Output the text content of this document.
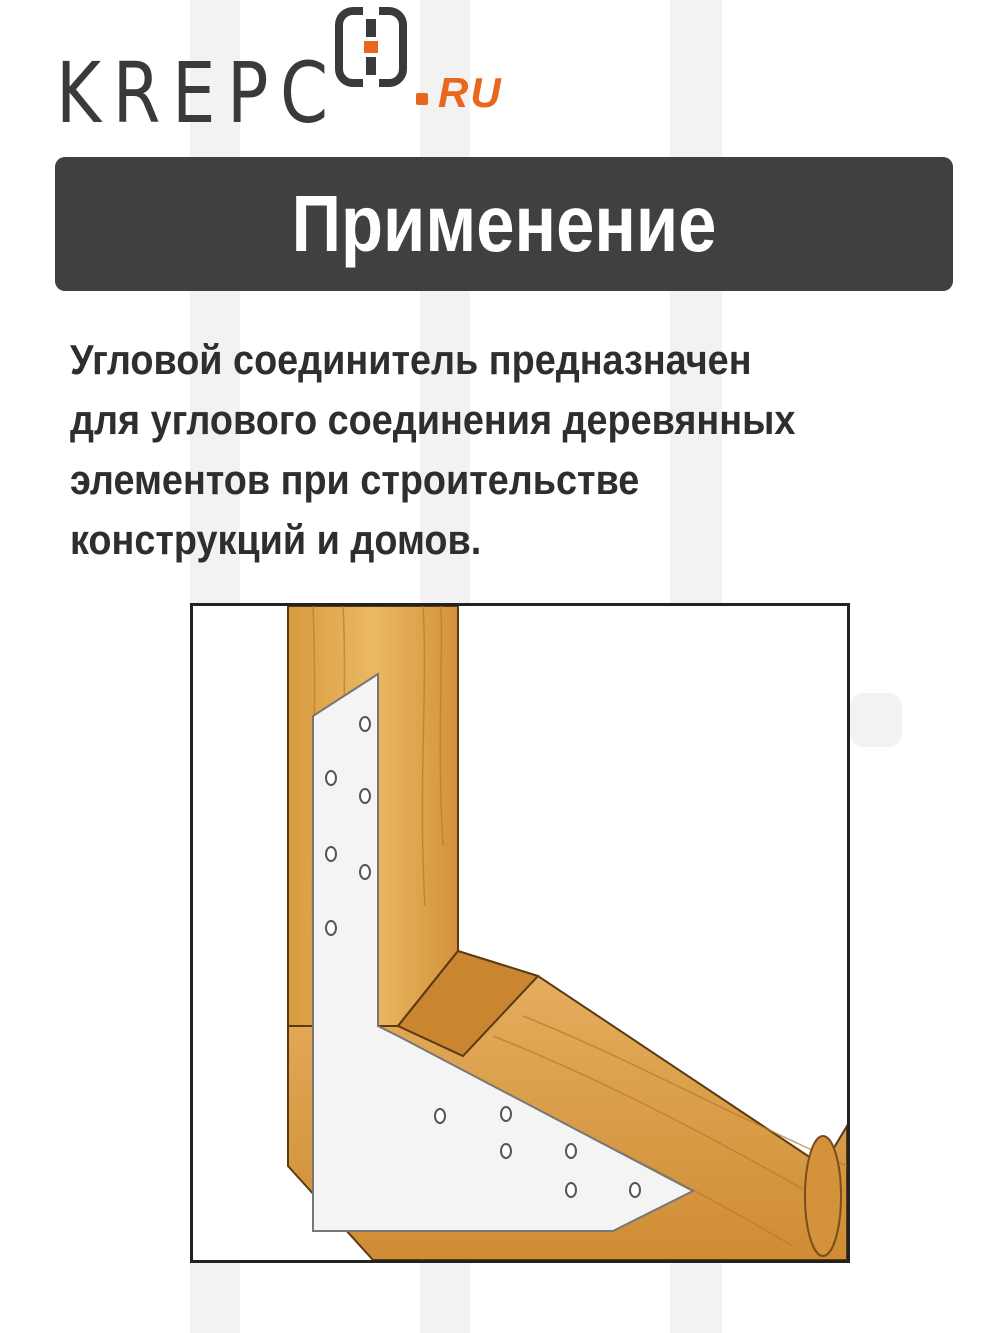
KREPC RU
Применение
Угловой соединитель предназначен
для углового соединения деревянных
элементов при строительстве
конструкций и домов.
